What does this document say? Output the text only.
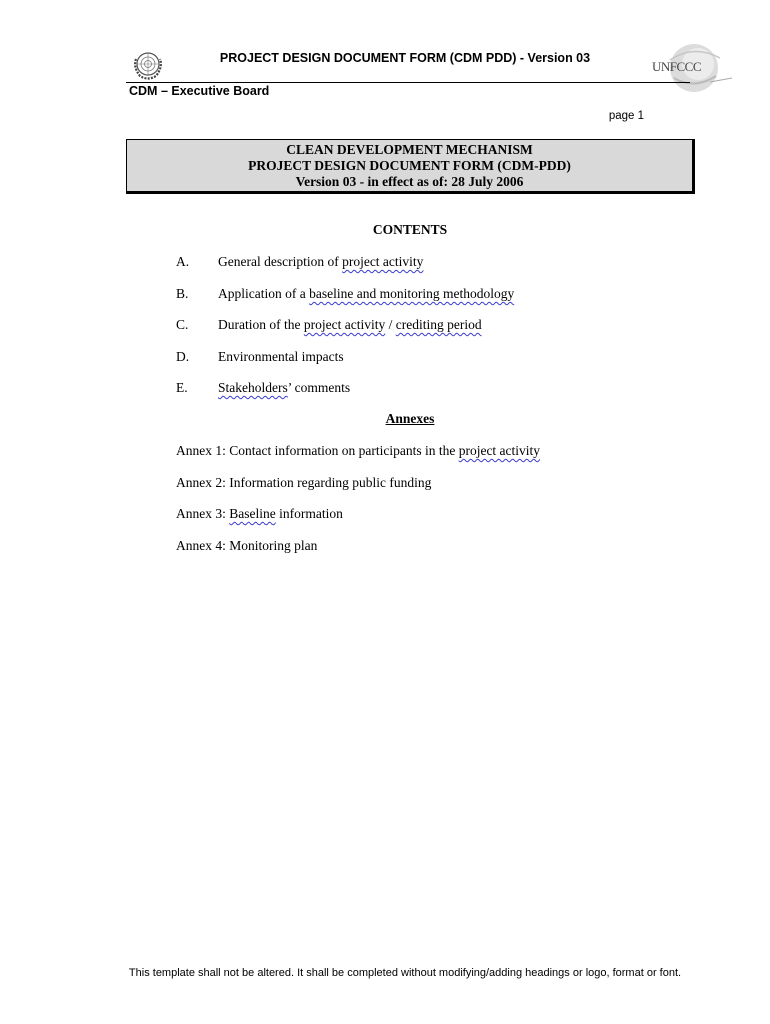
PROJECT DESIGN DOCUMENT FORM (CDM PDD) - Version 03
UNFCCC
CDM – Executive Board
page 1
CLEAN DEVELOPMENT MECHANISM
PROJECT DESIGN DOCUMENT FORM (CDM-PDD)
Version 03 - in effect as of: 28 July 2006
CONTENTS
A. General description of project activity
B. Application of a baseline and monitoring methodology
C. Duration of the project activity / crediting period
D. Environmental impacts
E. Stakeholders’ comments
Annexes
Annex 1: Contact information on participants in the project activity
Annex 2: Information regarding public funding
Annex 3: Baseline information
Annex 4: Monitoring plan
This template shall not be altered. It shall be completed without modifying/adding headings or logo, format or font.
